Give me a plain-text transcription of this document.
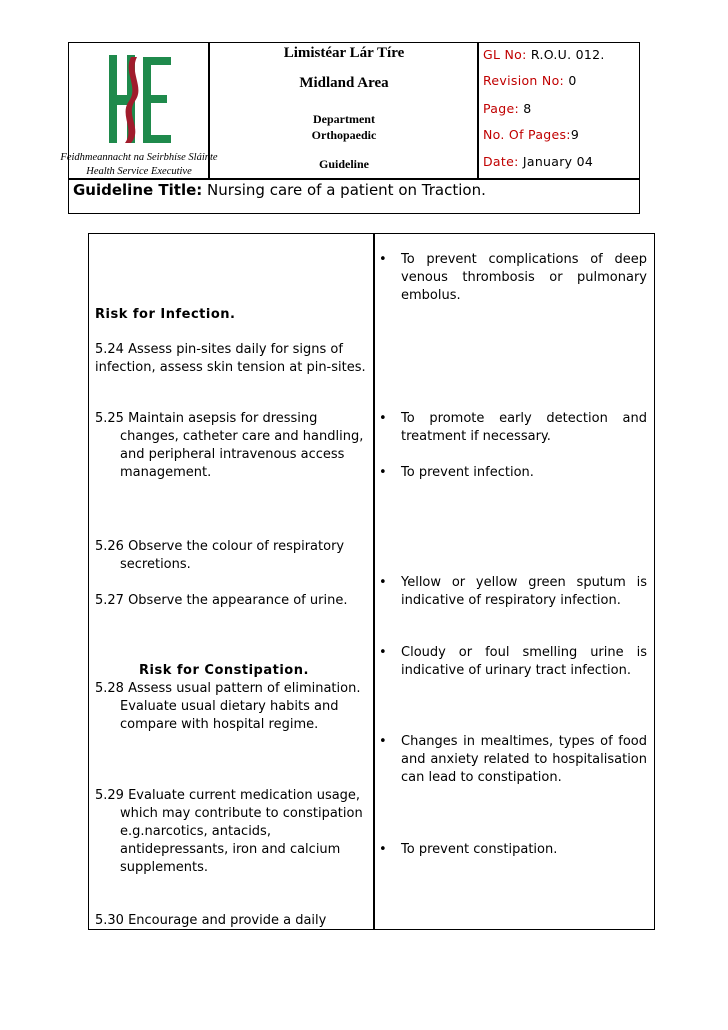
Feidhmeannacht na Seirbhíse Sláinte
Health Service Executive
Limistéar Lár Tíre
Midland Area
Department
Orthopaedic
Guideline
GL No: R.O.U. 012.
Revision No: 0
Page: 8
No. Of Pages:9
Date: January 04
Guideline Title: Nursing care of a patient on Traction.
Risk for Infection.
5.24 Assess pin-sites daily for signs of infection, assess skin tension at pin-sites.
5.25 Maintain asepsis for dressing changes, catheter care and handling, and peripheral intravenous access management.
5.26 Observe the colour of respiratory secretions.
5.27 Observe the appearance of urine.
Risk for Constipation.
5.28 Assess usual pattern of elimination. Evaluate usual dietary habits and compare with hospital regime.
5.29 Evaluate current medication usage, which may contribute to constipation e.g.narcotics, antacids, antidepressants, iron and calcium supplements.
5.30 Encourage and provide a daily
• To prevent complications of deep venous thrombosis or pulmonary embolus.
• To promote early detection and treatment if necessary.
• To prevent infection.
• Yellow or yellow green sputum is indicative of respiratory infection.
• Cloudy or foul smelling urine is indicative of urinary tract infection.
• Changes in mealtimes, types of food and anxiety related to hospitalisation can lead to constipation.
• To prevent constipation.
